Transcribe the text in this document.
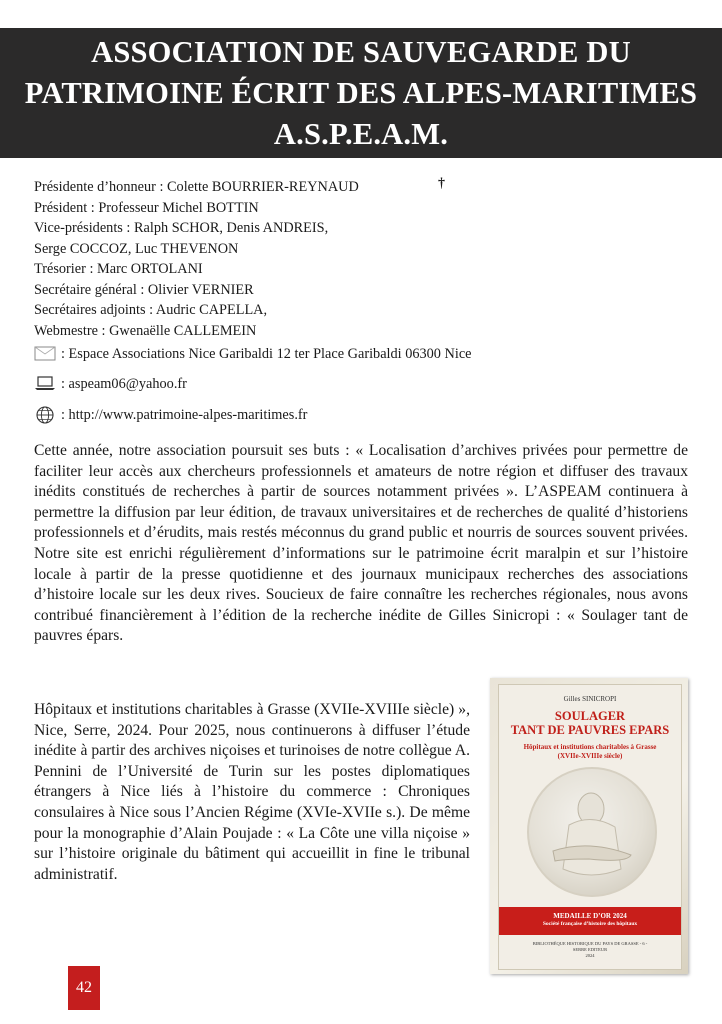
ASSOCIATION DE SAUVEGARDE DU
PATRIMOINE ÉCRIT DES ALPES-MARITIMES
A.S.P.E.A.M.
Présidente d’honneur : Colette BOURRIER-REYNAUD
Président : Professeur Michel BOTTIN
Vice-présidents : Ralph SCHOR, Denis ANDREIS,
Serge COCCOZ, Luc THEVENON
Trésorier : Marc ORTOLANI
Secrétaire général : Olivier VERNIER
Secrétaires adjoints : Audric CAPELLA,
Webmestre : Gwenaëlle CALLEMEIN
†
: Espace Associations Nice Garibaldi 12 ter Place Garibaldi 06300 Nice
: aspeam06@yahoo.fr
: http://www.patrimoine-alpes-maritimes.fr
Cette année, notre association poursuit ses buts : « Localisation d’archives privées pour permettre de faciliter leur accès aux chercheurs professionnels et amateurs de notre région et diffuser des travaux inédits constitués de recherches à partir de sources notamment privées ». L’ASPEAM continuera à permettre la diffusion par leur édition, de travaux universitaires et de recherches de qualité d’historiens professionnels et d’érudits, mais restés méconnus du grand public et nourris de sources souvent privées. Notre site est enrichi régulièrement d’informations sur le patrimoine écrit maralpin et sur l’histoire locale à partir de la presse quotidienne et des journaux municipaux recherches des associations d’histoire locale sur les deux rives. Soucieux de faire connaître les recherches régionales, nous avons contribué financièrement à l’édition de la recherche inédite de Gilles Sinicropi : « Soulager tant de pauvres épars.
Hôpitaux et institutions charitables à Grasse (XVIIe-XVIIIe siècle) », Nice, Serre, 2024. Pour 2025, nous continuerons à diffuser l’étude inédite à partir des archives niçoises et turinoises de notre collègue A. Pennini de l’Université de Turin sur les postes diplomatiques étrangers à Nice liés à l’histoire du commerce : Chroniques consulaires à Nice sous l’Ancien Régime (XVIe-XVIIe s.). De même pour la monographie d’Alain Poujade : « La Côte une villa niçoise » sur l’histoire originale du bâtiment qui accueillit in fine le tribunal administratif.
Gilles SINICROPI
SOULAGER
TANT DE PAUVRES EPARS
Hôpitaux et institutions charitables à Grasse
(XVIIe-XVIIIe siècle)
MEDAILLE D’OR 2024
Société française d’histoire des hôpitaux
BIBLIOTHÈQUE HISTORIQUE DU PAYS DE GRASSE - 6 -
SERRE EDITEUR
2024
42
